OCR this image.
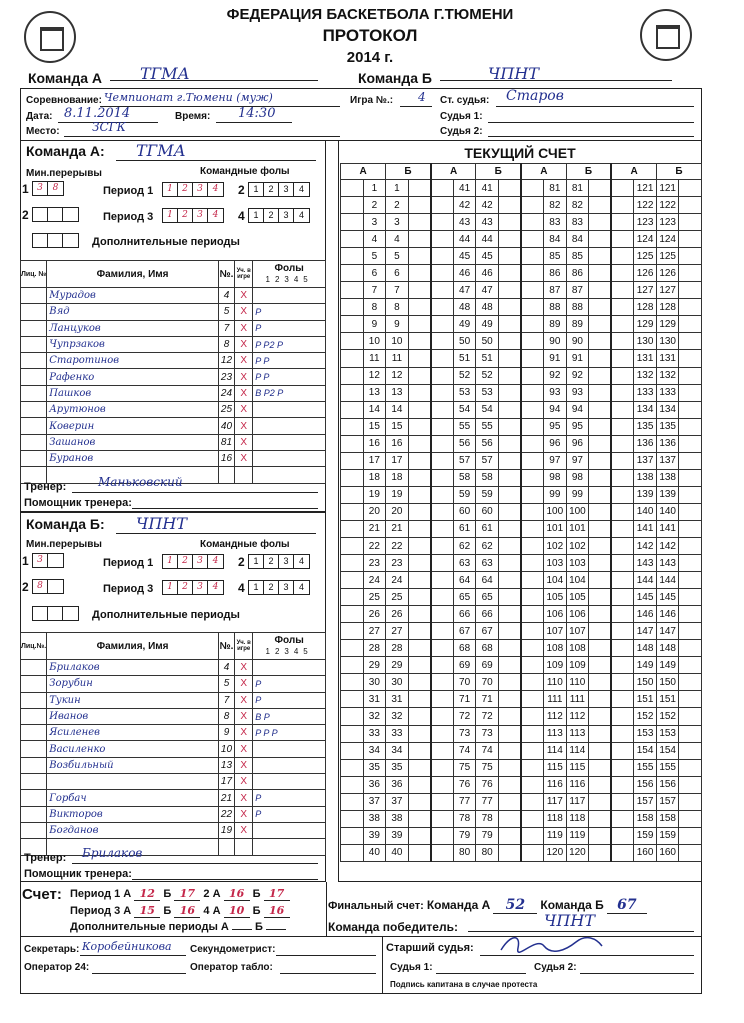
ФЕДЕРАЦИЯ БАСКЕТБОЛА Г.ТЮМЕНИ
ПРОТОКОЛ
2014 г.
Команда А ТГМА	Команда Б	ЧПНТ
Соревнование: Чемпионат г.Тюмени (муж)	Игра №.: 4 Ст. судья: Старов
Дата: 8.11.2014	Время: 14:30	Судья 1:
Место:	ЗСГК	Судья 2:
Команда А: ТГМА
Мин.перерывы	Командные фолы
1 3	8	Период 1	1	2	3	4	2 1	2	3	4
2	Период 3	1	2	3	4	4 1	2	3	4
Дополнительные периоды
Лиц. №	Фамилия, Имя	№.	Уч. в игре	Фолы
12345
	Мурадов	4	X	
	Вяд	5	X	P
	Ланцуков	7	X	P
	Чупрзаков	8	X	P P2 P
	Старотинов	12	X	P P
	Рафенко	23	X	P P
	Пашков	24	X	B P2 P
	Арутюнов	25	X	
	Коверин	40	X	
	Зашанов	81	X	
	Буранов	16	X	

Тренер:	Маньковский
Помощник тренера:
Команда Б: ЧПНТ
Мин.перерывы	Командные фолы
1 3	Период 1	1	2	3	4	2 1	2	3	4
2 8	Период 3	1	2	3	4	4 1	2	3	4
Дополнительные периоды
Лиц.№.	Фамилия, Имя	№.	Уч. в игре	Фолы
12345
	Брилаков	4	X	
	Зорубин	5	X	P
	Тукин	7	X	P
	Иванов	8	X	B P
	Ясиленев	9	X	P P P
	Василенко	10	X	
	Возбильный	13	X	
		17	X	
	Горбач	21	X	P
	Викторов	22	X	P
	Богданов	19	X	

Тренер: Брилаков
Помощник тренера:
ТЕКУЩИЙ СЧЕТ
А		Б		А		Б		А		Б		А		Б	
	1	1			41	41			81	81			121	121	
	2	2			42	42			82	82			122	122	
	3	3			43	43			83	83			123	123	
	4	4			44	44			84	84			124	124	
	5	5			45	45			85	85			125	125	
	6	6			46	46			86	86			126	126	
	7	7			47	47			87	87			127	127	
	8	8			48	48			88	88			128	128	
	9	9			49	49			89	89			129	129	
	10	10			50	50			90	90			130	130	
	11	11			51	51			91	91			131	131	
	12	12			52	52			92	92			132	132	
	13	13			53	53			93	93			133	133	
	14	14			54	54			94	94			134	134	
	15	15			55	55			95	95			135	135	
	16	16			56	56			96	96			136	136	
	17	17			57	57			97	97			137	137	
	18	18			58	58			98	98			138	138	
	19	19			59	59			99	99			139	139	
	20	20			60	60			100	100			140	140	
	21	21			61	61			101	101			141	141	
	22	22			62	62			102	102			142	142	
	23	23			63	63			103	103			143	143	
	24	24			64	64			104	104			144	144	
	25	25			65	65			105	105			145	145	
	26	26			66	66			106	106			146	146	
	27	27			67	67			107	107			147	147	
	28	28			68	68			108	108			148	148	
	29	29			69	69			109	109			149	149	
	30	30			70	70			110	110			150	150	
	31	31			71	71			111	111			151	151	
	32	32			72	72			112	112			152	152	
	33	33			73	73			113	113			153	153	
	34	34			74	74			114	114			154	154	
	35	35			75	75			115	115			155	155	
	36	36			76	76			116	116			156	156	
	37	37			77	77			117	117			157	157	
	38	38			78	78			118	118			158	158	
	39	39			79	79			119	119			159	159	
	40	40			80	80			120	120			160	160	
Счет: Период 1 А 12 Б 17 2 А 16 Б 17
Период 3 А 15 Б 16 4 А 10 Б 16
Дополнительные периоды А Б
Финальный счет: Команда А 52 Команда Б 67
Команда победитель:	ЧПНТ
Секретарь: Коробейникова Секундометрист:
Оператор 24:	Оператор табло:
Старший судья:
Судья 1:	Судья 2:
Подпись капитана в случае протеста
